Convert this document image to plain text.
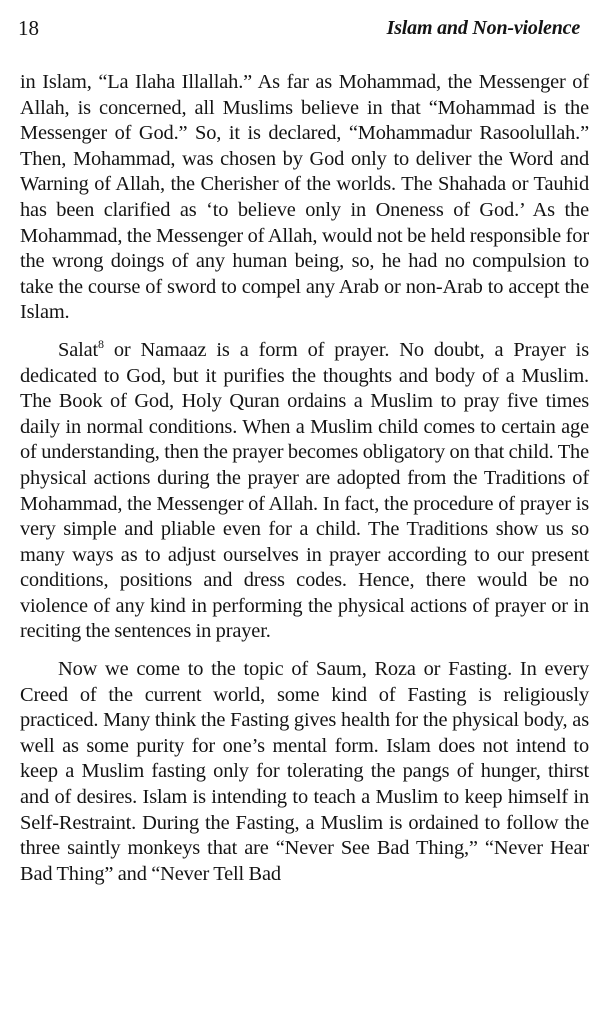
18	Islam and Non-violence

in Islam, “La Ilaha Illallah.” As far as Mohammad, the Messenger of Allah, is concerned, all Muslims believe in that “Mohammad is the Messenger of God.” So, it is declared, “Mohammadur Rasoolullah.” Then, Mohammad, was chosen by God only to deliver the Word and Warning of Allah, the Cherisher of the worlds. The Shahada or Tauhid has been clarified as ‘to believe only in Oneness of God.’ As the Mohammad, the Messenger of Allah, would not be held responsible for the wrong doings of any human being, so, he had no compulsion to take the course of sword to compel any Arab or non-Arab to accept the Islam.

Salat$^8$ or Namaaz is a form of prayer. No doubt, a Prayer is dedicated to God, but it purifies the thoughts and body of a Muslim. The Book of God, Holy Quran ordains a Muslim to pray five times daily in normal conditions. When a Muslim child comes to certain age of understanding, then the prayer becomes obligatory on that child. The physical actions during the prayer are adopted from the Traditions of Mohammad, the Messenger of Allah. In fact, the procedure of prayer is very simple and pliable even for a child. The Traditions show us so many ways as to adjust ourselves in prayer according to our present conditions, positions and dress codes. Hence, there would be no violence of any kind in performing the physical actions of prayer or in reciting the sentences in prayer.

Now we come to the topic of Saum, Roza or Fasting. In every Creed of the current world, some kind of Fasting is religiously practiced. Many think the Fasting gives health for the physical body, as well as some purity for one’s mental form. Islam does not intend to keep a Muslim fasting only for tolerating the pangs of hunger, thirst and of desires. Islam is intending to teach a Muslim to keep himself in Self-Restraint. During the Fasting, a Muslim is ordained to follow the three saintly monkeys that are “Never See Bad Thing,” “Never Hear Bad Thing” and “Never Tell Bad
